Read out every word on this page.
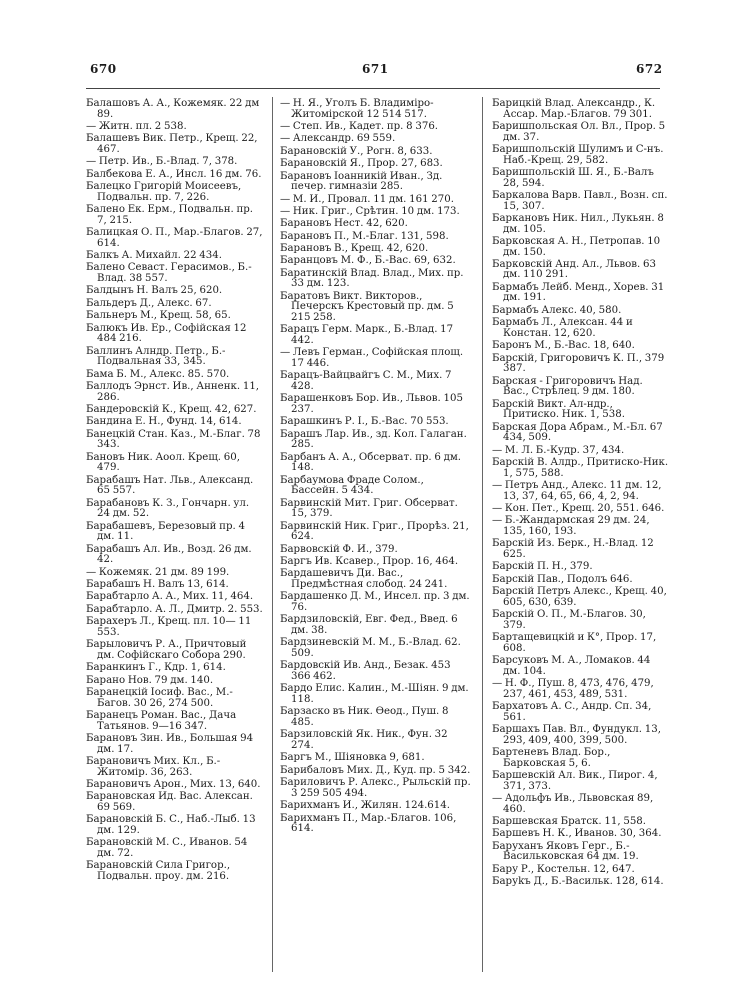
670	671	672

Балашовъ А. А., Кожемяк. 22 дм 89.

— Житн. пл. 2 538.

Балашевъ Вик. Петр., Крещ. 22, 467.

— Петр. Ив., Б.-Влад. 7, 378.

Балбекова Е. А., Инсл. 16 дм. 76.

Балецко Григорій Моисеевъ, Подвальн. пр. 7, 226.

Балено Ек. Ерм., Подвальн. пр. 7, 215.

Балицкая О. П., Мар.-Благов. 27, 614.

Балкъ А. Михайл. 22 434.

Балено Севаст. Герасимов., Б.-Влад. 38 557.

Балдынъ Н. Валъ 25, 620.

Бальдеръ Д., Алекс. 67.

Бальнеръ М., Крещ. 58, 65.

Балюкъ Ив. Ер., Софійская 12 484 216.

Баллинъ Алндр. Петр., Б.-Подвальная 33, 345.

Бама Б. М., Алекс. 85. 570.

Баллодъ Эрнст. Ив., Анненк. 11, 286.

Бандеровскій К., Крещ. 42, 627.

Бандина Е. Н., Фунд. 14, 614.

Банецкій Стан. Каз., М.-Благ. 78 343.

Бановъ Ник. Аоол. Крещ. 60, 479.

Барабашъ Нат. Льв., Александ. 65 557.

Барабановъ К. З., Гончарн. ул. 24 дм. 52.

Барабашевъ, Березовый пр. 4 дм. 11.

Барабашъ Ал. Ив., Возд. 26 дм. 42.

— Кожемяк. 21 дм. 89 199.

Барабашъ Н. Валъ 13, 614.

Барабтарло А. А., Мих. 11, 464.

Барабтарло. А. Л., Дмитр. 2. 553.

Барахеръ Л., Крещ. пл. 10— 11 553.

Барыловичъ Р. А., Причтовый дм. Софійскаго Собора 290.

Баранкинъ Г., Кдр. 1, 614.

Барано Нов. 79 дм. 140.

Баранецкій Іосиф. Вас., М.-Багов. 30 26, 274 500.

Баранецъ Роман. Вас., Дача Татьянов. 9—16 347.

Барановъ Зин. Ив., Большая 94 дм. 17.

Барановичъ Мих. Кл., Б.-Житомір. 36, 263.

Барановичъ Арон., Мих. 13, 640.

Барановская Ид. Вас. Алексан. 69 569.

Барановскій Б. С., Наб.-Лыб. 13 дм. 129.

Барановскій М. С., Иванов. 54 дм. 72.

Барановскій Сила Григор., Подвальн. проу. дм. 216.

— Н. Я., Уголъ Б. Владиміро-Житомірской 12 514 517.

— Степ. Ив., Кадет. пр. 8 376.

— Александр. 69 559.

Барановскій У., Рогн. 8, 633.

Барановскій Я., Прор. 27, 683.

Барановъ Іоанникій Иван., Зд. печер. гимназіи 285.

— М. И., Провал. 11 дм. 161 270.

— Ник. Григ., Срѣтин. 10 дм. 173.

Барановъ Нест. 42, 620.

Барановъ П., М.-Благ. 131, 598.

Барановъ В., Крещ. 42, 620.

Баранцовъ М. Ф., Б.-Вас. 69, 632.

Баратинскій Влад. Влад., Мих. пр. 33 дм. 123.

Баратовъ Викт. Викторов., Печерскъ Крестовый пр. дм. 5 215 258.

Барацъ Герм. Марк., Б.-Влад. 17 442.

— Левъ Герман., Софійская площ. 17 446.

Барацъ-Вайцвайгъ С. М., Мих. 7 428.

Барашенковъ Бор. Ив., Львов. 105 237.

Барашкинъ Р. І., Б.-Вас. 70 553.

Барашъ Лар. Ив., зд. Кол. Галаган. 285.

Барбанъ А. А., Обсерват. пр. 6 дм. 148.

Барбаумова Фраде Солом., Бассейн. 5 434.

Барвинскій Мит. Григ. Обсерват. 15, 379.

Барвинскій Ник. Григ., Прорѣз. 21, 624.

Барвовскій Ф. И., 379.

Баргъ Ив. Ксавер., Прор. 16, 464.

Бардашевичъ Ди. Вас., Предмѣстная слобод. 24 241.

Бардашенко Д. М., Инсел. пр. 3 дм. 76.

Бардзиловскій, Евг. Фед., Введ. 6 дм. 38.

Бардзиневскій М. М., Б.-Влад. 62. 509.

Бардовскій Ив. Анд., Безак. 453 366 462.

Бардо Елис. Калин., М.-Шіян. 9 дм. 118.

Барзаско въ Ник. Ѳеод., Пуш. 8 485.

Барзиловскій Як. Ник., Фун. 32 274.

Баргъ М., Шіяновка 9, 681.

Барибаловъ Мих. Д., Куд. пр. 5 342.

Бариловичъ Р. Алекс., Рыльскій пр. 3 259 505 494.

Барихманъ И., Жилян. 124.614.

Барихманъ П., Мар.-Благов. 106, 614.

Барицкій Влад. Александр., К. Ассар. Мар.-Благов. 79 301.

Баришпольская Ол. Вл., Прор. 5 дм. 37.

Баришпольскій Шулимъ и С-нъ. Наб.-Крещ. 29, 582.

Баришпольскій Ш. Я., Б.-Валъ 28, 594.

Баркалова Варв. Павл., Возн. сп. 15, 307.

Баркановъ Ник. Нил., Лукьян. 8 дм. 105.

Барковская А. Н., Петропав. 10 дм. 150.

Барковскій Анд. Ал., Львов. 63 дм. 110 291.

Бармабъ Лейб. Менд., Хорев. 31 дм. 191.

Бармабъ Алекс. 40, 580.

Бармабъ Л., Алексан. 44 и Констан. 12, 620.

Баронъ М., Б.-Вас. 18, 640.

Барскій, Григоровичъ К. П., 379 387.

Барская - Григоровичъ Над. Вас., Стрѣлец. 9 дм. 180.

Барскій Викт. Ал-ндр., Притиско. Ник. 1, 538.

Барская Дора Абрам., М.-Бл. 67 434, 509.

— М. Л. Б.-Кудр. 37, 434.

Барскій В. Алдр., Притиско-Ник. 1, 575, 588.

— Петръ Анд., Алекс. 11 дм. 12, 13, 37, 64, 65, 66, 4, 2, 94.

— Кон. Пет., Крещ. 20, 551. 646.

— Б.-Жандармская 29 дм. 24, 135, 160, 193.

Барскій Из. Берк., Н.-Влад. 12 625.

Барскій П. Н., 379.

Барскій Пав., Подолъ 646.

Барскій Петръ Алекс., Крещ. 40, 605, 630, 639.

Барскій О. П., М.-Благов. 30, 379.

Бартащевицкій и К°, Прор. 17, 608.

Барсуковъ М. А., Ломаков. 44 дм. 104.

— Н. Ф., Пуш. 8, 473, 476, 479, 237, 461, 453, 489, 531.

Бархатовъ А. С., Андр. Сп. 34, 561.

Баршахъ Пав. Вл., Фундукл. 13, 293, 409, 400, 399, 500.

Бартеневъ Влад. Бор., Барковская 5, 6.

Баршевскій Ал. Вик., Пирог. 4, 371, 373.

— Адольфъ Ив., Львовская 89, 460.

Баршевская Братск. 11, 558.

Баршевъ Н. К., Иванов. 30, 364.

Баруханъ Яковъ Герг., Б.-Васильковская 64 дм. 19.

Бару Р., Костельн. 12, 647.

Баруkъ Д., Б.-Васильк. 128, 614.
